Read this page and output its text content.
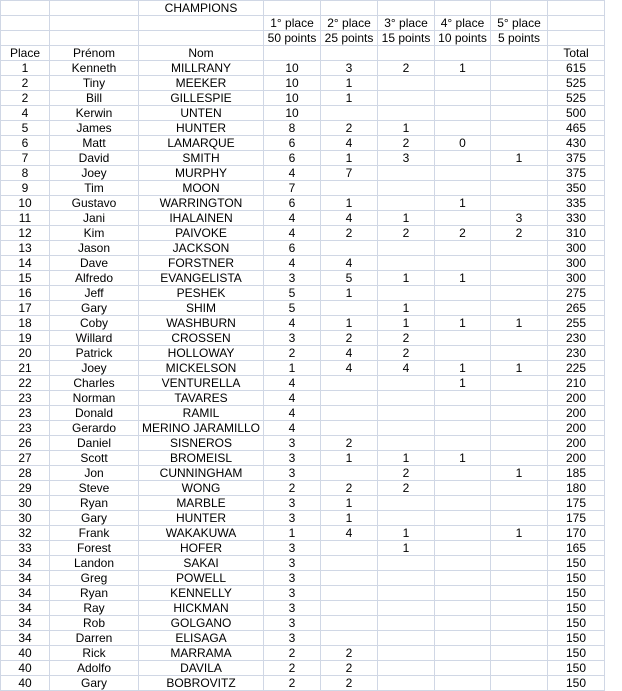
		CHAMPIONS						
			1° place	2° place	3° place	4° place	5° place	
			50 points	25 points	15 points	10 points	5 points	
Place	Prénom	Nom						Total
1	Kenneth	MILLRANY	10	3	2	1		615
2	Tiny	MEEKER	10	1				525
2	Bill	GILLESPIE	10	1				525
4	Kerwin	UNTEN	10					500
5	James	HUNTER	8	2	1			465
6	Matt	LAMARQUE	6	4	2	0		430
7	David	SMITH	6	1	3		1	375
8	Joey	MURPHY	4	7				375
9	Tim	MOON	7					350
10	Gustavo	WARRINGTON	6	1		1		335
11	Jani	IHALAINEN	4	4	1		3	330
12	Kim	PAIVOKE	4	2	2	2	2	310
13	Jason	JACKSON	6					300
14	Dave	FORSTNER	4	4				300
15	Alfredo	EVANGELISTA	3	5	1	1		300
16	Jeff	PESHEK	5	1				275
17	Gary	SHIM	5		1			265
18	Coby	WASHBURN	4	1	1	1	1	255
19	Willard	CROSSEN	3	2	2			230
20	Patrick	HOLLOWAY	2	4	2			230
21	Joey	MICKELSON	1	4	4	1	1	225
22	Charles	VENTURELLA	4			1		210
23	Norman	TAVARES	4					200
23	Donald	RAMIL	4					200
23	Gerardo	MERINO JARAMILLO	4					200
26	Daniel	SISNEROS	3	2				200
27	Scott	BROMEISL	3	1	1	1		200
28	Jon	CUNNINGHAM	3		2		1	185
29	Steve	WONG	2	2	2			180
30	Ryan	MARBLE	3	1				175
30	Gary	HUNTER	3	1				175
32	Frank	WAKAKUWA	1	4	1		1	170
33	Forest	HOFER	3		1			165
34	Landon	SAKAI	3					150
34	Greg	POWELL	3					150
34	Ryan	KENNELLY	3					150
34	Ray	HICKMAN	3					150
34	Rob	GOLGANO	3					150
34	Darren	ELISAGA	3					150
40	Rick	MARRAMA	2	2				150
40	Adolfo	DAVILA	2	2				150
40	Gary	BOBROVITZ	2	2				150
